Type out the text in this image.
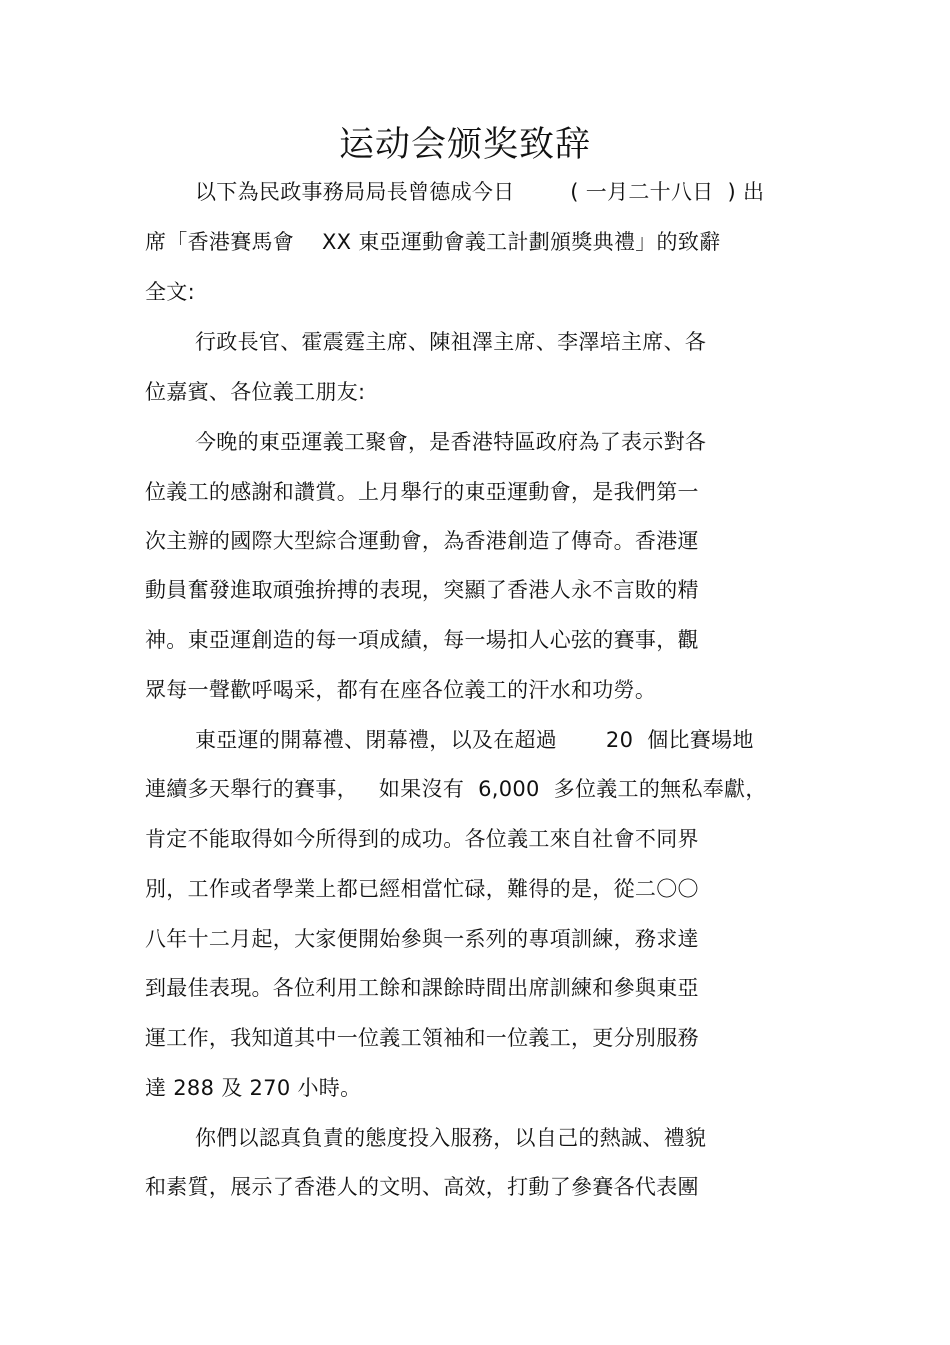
运动会颁奖致辞
以下為民政事務局局長曾德成今日        ( 一月二十八日  ) 出
席「香港賽馬會    XX 東亞運動會義工計劃頒獎典禮」的致辭
全文:
行政長官、霍震霆主席、陳祖澤主席、李澤培主席、各
位嘉賓、各位義工朋友:
今晚的東亞運義工聚會，是香港特區政府為了表示對各
位義工的感謝和讚賞。上月舉行的東亞運動會，是我們第一
次主辦的國際大型綜合運動會，為香港創造了傳奇。香港運
動員奮發進取頑強拚搏的表現，突顯了香港人永不言敗的精
神。東亞運創造的每一項成績，每一場扣人心弦的賽事，觀
眾每一聲歡呼喝采，都有在座各位義工的汗水和功勞。
東亞運的開幕禮、閉幕禮，以及在超過       20  個比賽場地
連續多天舉行的賽事，   如果沒有  6,000  多位義工的無私奉獻，
肯定不能取得如今所得到的成功。各位義工來自社會不同界
別，工作或者學業上都已經相當忙碌，難得的是，從二〇〇
八年十二月起，大家便開始參與一系列的專項訓練，務求達
到最佳表現。各位利用工餘和課餘時間出席訓練和參與東亞
運工作，我知道其中一位義工領袖和一位義工，更分別服務
達 288 及 270 小時。
你們以認真負責的態度投入服務，以自己的熱誠、禮貌
和素質，展示了香港人的文明、高效，打動了參賽各代表團
